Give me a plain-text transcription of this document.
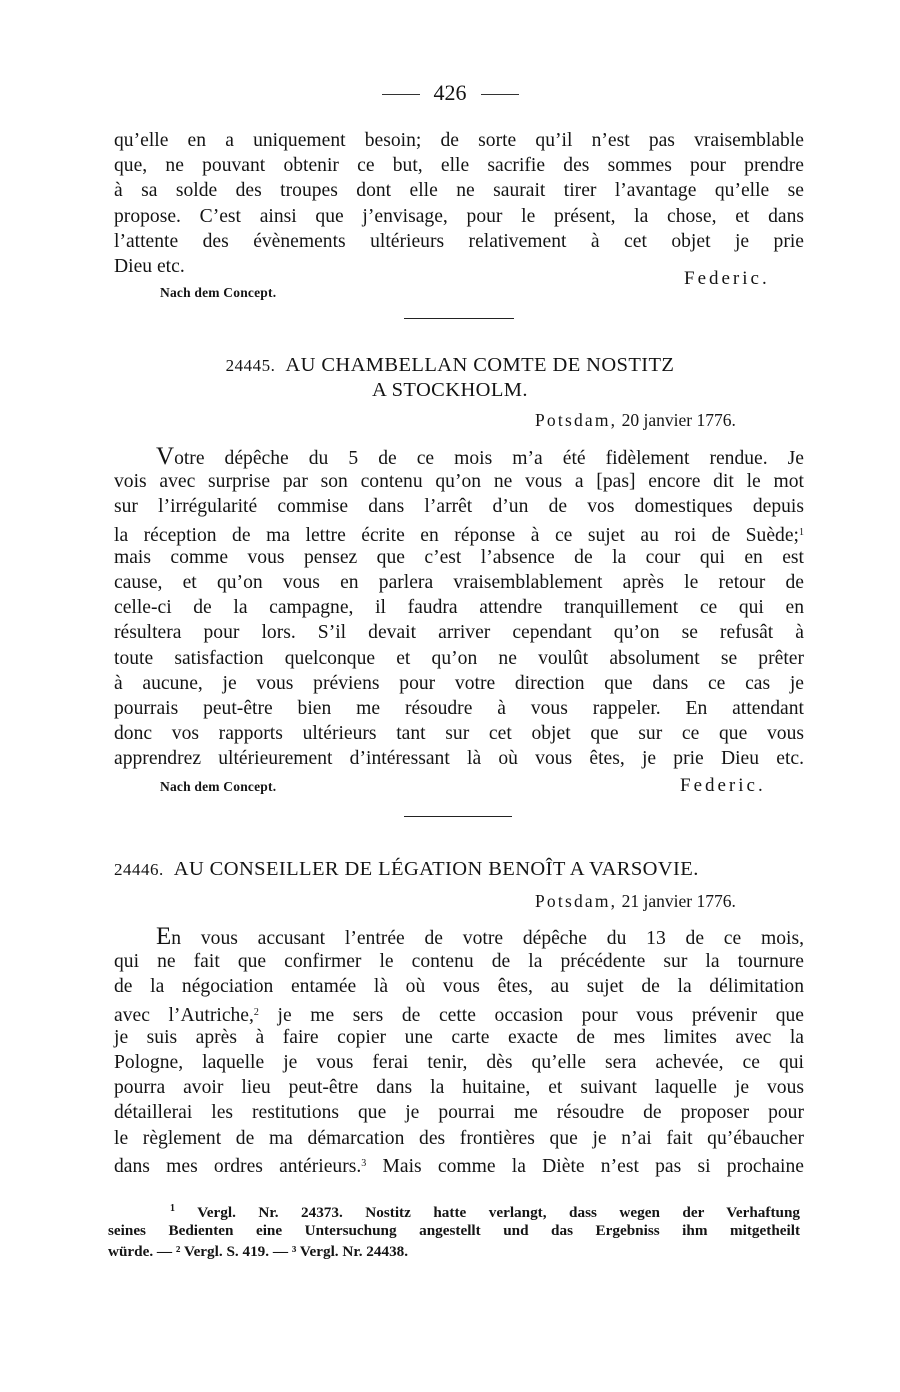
426
qu’elle en a uniquement besoin; de sorte qu’il n’est pas vraisemblable
que, ne pouvant obtenir ce but, elle sacrifie des sommes pour prendre
à sa solde des troupes dont elle ne saurait tirer l’avantage qu’elle se
propose. C’est ainsi que j’envisage, pour le présent, la chose, et dans
l’attente des évènements ultérieurs relativement à cet objet je prie
Dieu etc.
Federic.
Nach dem Concept.
24445. AU CHAMBELLAN COMTE DE NOSTITZ
A STOCKHOLM.
Potsdam, 20 janvier 1776.
Votre dépêche du 5 de ce mois m’a été fidèlement rendue. Je
vois avec surprise par son contenu qu’on ne vous a [pas] encore dit le mot
sur l’irrégularité commise dans l’arrêt d’un de vos domestiques depuis
la réception de ma lettre écrite en réponse à ce sujet au roi de Suède;$^1$
mais comme vous pensez que c’est l’absence de la cour qui en est
cause, et qu’on vous en parlera vraisemblablement après le retour de
celle-ci de la campagne, il faudra attendre tranquillement ce qui en
résultera pour lors. S’il devait arriver cependant qu’on se refusât à
toute satisfaction quelconque et qu’on ne voulût absolument se prêter
à aucune, je vous préviens pour votre direction que dans ce cas je
pourrais peut-être bien me résoudre à vous rappeler. En attendant
donc vos rapports ultérieurs tant sur cet objet que sur ce que vous
apprendrez ultérieurement d’intéressant là où vous êtes, je prie Dieu etc.
Nach dem Concept.	Federic.
24446. AU CONSEILLER DE LÉGATION BENOÎT A VARSOVIE.
Potsdam, 21 janvier 1776.
En vous accusant l’entrée de votre dépêche du 13 de ce mois,
qui ne fait que confirmer le contenu de la précédente sur la tournure
de la négociation entamée là où vous êtes, au sujet de la délimitation
avec l’Autriche,$^2$ je me sers de cette occasion pour vous prévenir que
je suis après à faire copier une carte exacte de mes limites avec la
Pologne, laquelle je vous ferai tenir, dès qu’elle sera achevée, ce qui
pourra avoir lieu peut-être dans la huitaine, et suivant laquelle je vous
détaillerai les restitutions que je pourrai me résoudre de proposer pour
le règlement de ma démarcation des frontières que je n’ai fait qu’ébaucher
dans mes ordres antérieurs.$^3$ Mais comme la Diète n’est pas si prochaine
$^1$ Vergl. Nr. 24373. Nostitz hatte verlangt, dass wegen der Verhaftung
seines Bedienten eine Untersuchung angestellt und das Ergebniss ihm mitgetheilt
würde. — ² Vergl. S. 419. — ³ Vergl. Nr. 24438.
